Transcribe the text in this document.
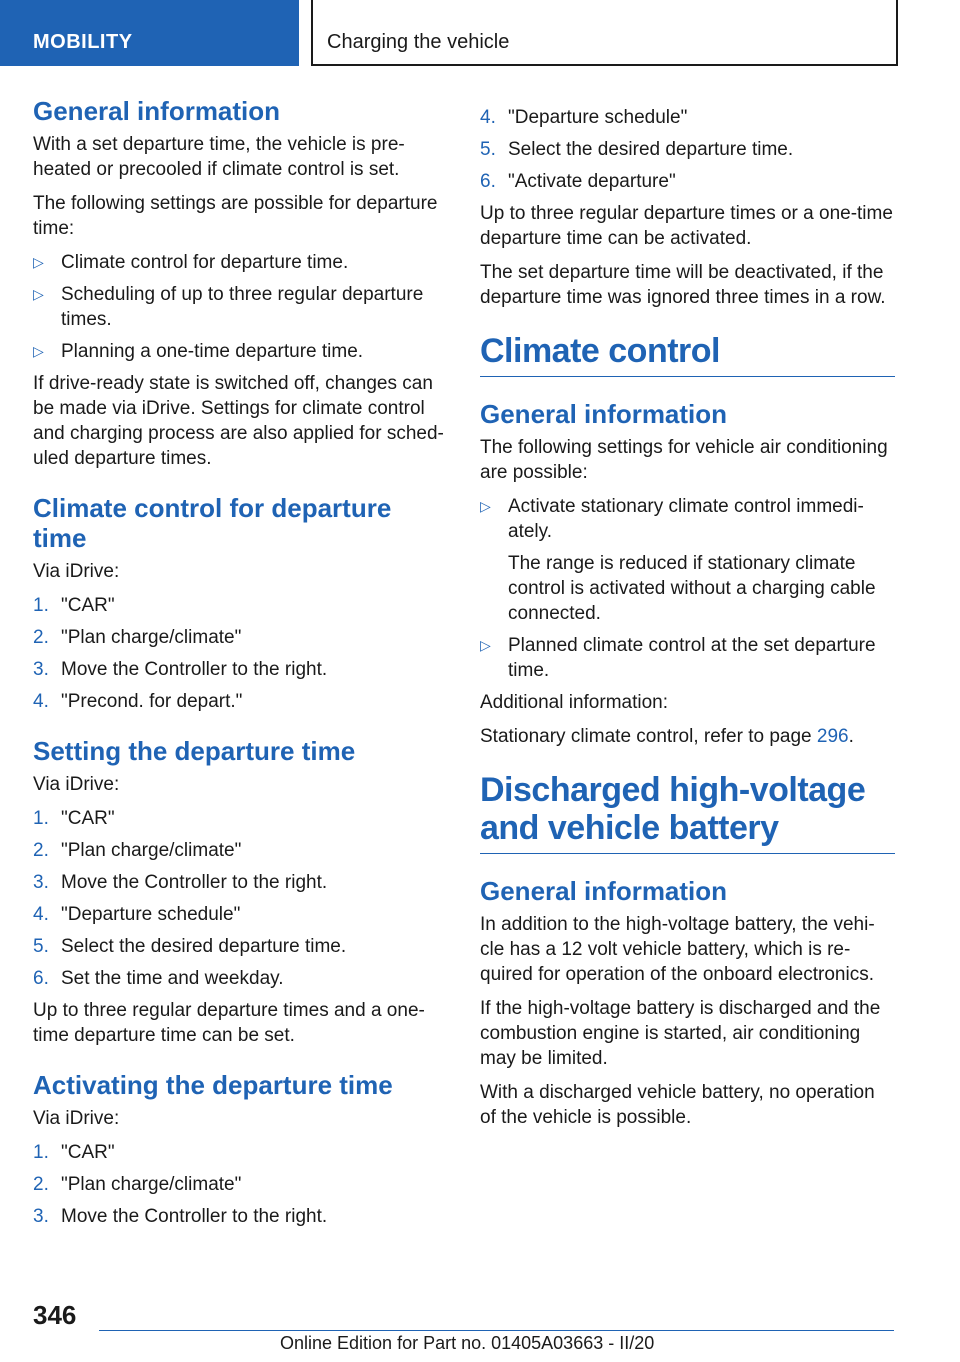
MOBILITY	Charging the vehicle
General information

With a set departure time, the vehicle is pre-heated or precooled if climate control is set.

The following settings are possible for departure time:

▷ Climate control for departure time.
▷ Scheduling of up to three regular departure times.
▷ Planning a one-time departure time.

If drive-ready state is switched off, changes can be made via iDrive. Settings for climate control and charging process are also applied for sched-uled departure times.

Climate control for departure time

Via iDrive:

1. "CAR"
2. "Plan charge/climate"
3. Move the Controller to the right.
4. "Precond. for depart."
Setting the departure time

Via iDrive:

1. "CAR"
2. "Plan charge/climate"
3. Move the Controller to the right.
4. "Departure schedule"
5. Select the desired departure time.
6. Set the time and weekday.

Up to three regular departure times and a one-time departure time can be set.

Activating the departure time

Via iDrive:

1. "CAR"
2. "Plan charge/climate"
3. Move the Controller to the right.
4. "Departure schedule"
5. Select the desired departure time.
6. "Activate departure"

Up to three regular departure times or a one-time departure time can be activated.

The set departure time will be deactivated, if the departure time was ignored three times in a row.

Climate control
General information

The following settings for vehicle air conditioning are possible:

▷ Activate stationary climate control immedi-ately.
The range is reduced if stationary climate control is activated without a charging cable connected.
▷ Planned climate control at the set departure time.

Additional information:

Stationary climate control, refer to page 296.

Discharged high-voltage and vehicle battery
General information

In addition to the high-voltage battery, the vehi-cle has a 12 volt vehicle battery, which is re-quired for operation of the onboard electronics.

If the high-voltage battery is discharged and the combustion engine is started, air conditioning may be limited.

With a discharged vehicle battery, no operation of the vehicle is possible.

346
Online Edition for Part no. 01405A03663 - II/20
